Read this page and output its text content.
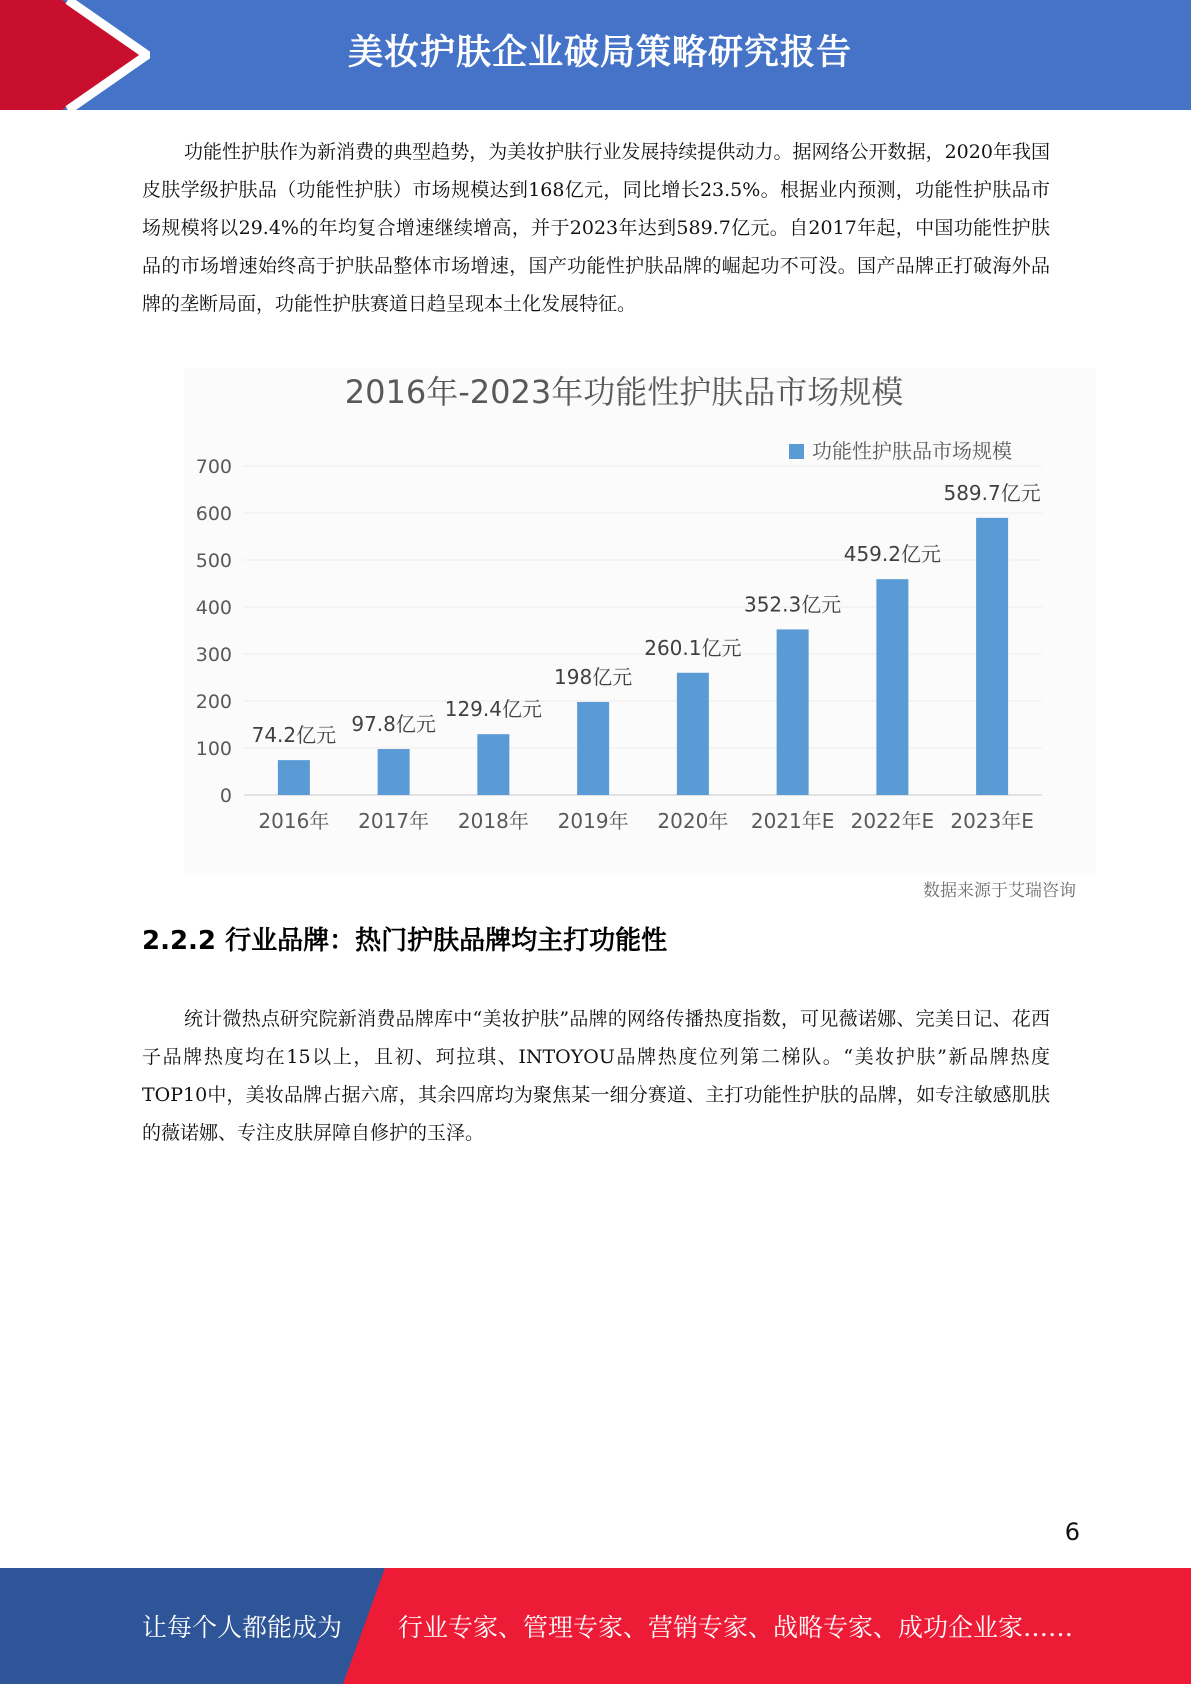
美妆护肤企业破局策略研究报告

功能性护肤作为新消费的典型趋势，为美妆护肤行业发展持续提供动力。据网络公开数据，2020年我国皮肤学级护肤品（功能性护肤）市场规模达到168亿元，同比增长23.5%。根据业内预测，功能性护肤品市场规模将以29.4%的年均复合增速继续增高，并于2023年达到589.7亿元。自2017年起，中国功能性护肤品的市场增速始终高于护肤品整体市场增速，国产功能性护肤品牌的崛起功不可没。国产品牌正打破海外品牌的垄断局面，功能性护肤赛道日趋呈现本土化发展特征。

2016年-2023年功能性护肤品市场规模
功能性护肤品市场规模
0
100
200
300
400
500
600
700
2016年
74.2亿元
2017年
97.8亿元
2018年
129.4亿元
2019年
198亿元
2020年
260.1亿元
2021年E
352.3亿元
2022年E
459.2亿元
2023年E
589.7亿元
数据来源于艾瑞咨询
2.2.2 行业品牌：热门护肤品牌均主打功能性

统计微热点研究院新消费品牌库中“美妆护肤”品牌的网络传播热度指数，可见薇诺娜、完美日记、花西子品牌热度均在15以上，且初、珂拉琪、INTOYOU品牌热度位列第二梯队。“美妆护肤”新品牌热度TOP10中，美妆品牌占据六席，其余四席均为聚焦某一细分赛道、主打功能性护肤的品牌，如专注敏感肌肤的薇诺娜、专注皮肤屏障自修护的玉泽。

6
让每个人都能成为 行业专家、管理专家、营销专家、战略专家、成功企业家……
